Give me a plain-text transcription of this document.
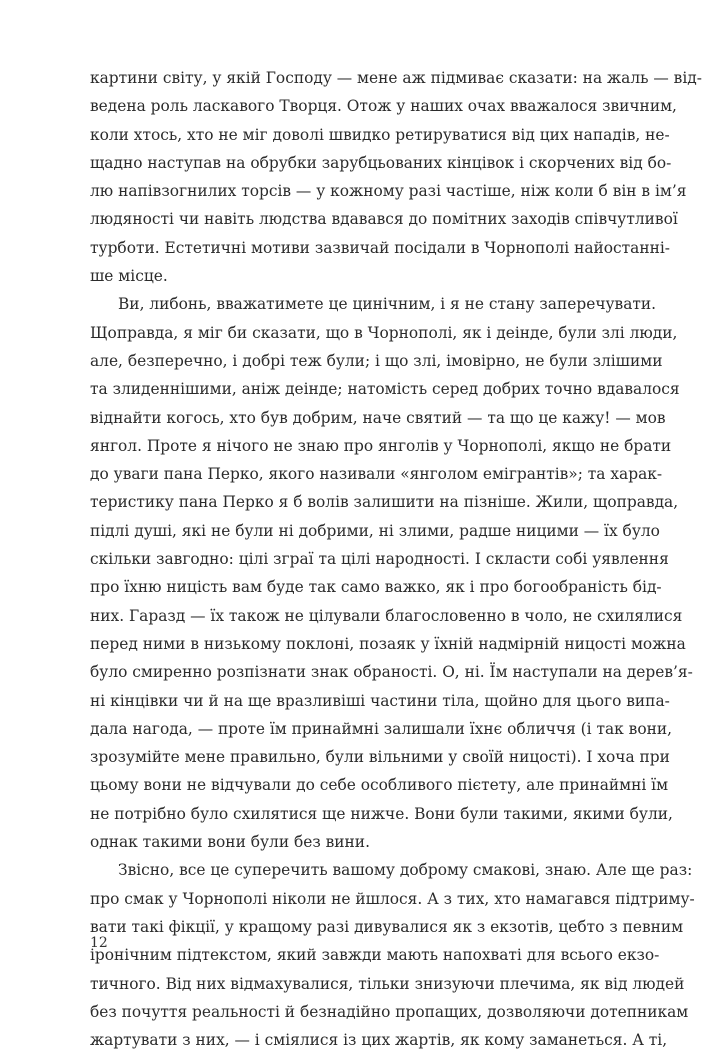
картини світу, у якій Господу — мене аж підмиває сказати: на жаль — від-
ведена роль ласкавого Творця. Отож у наших очах вважалося звичним,
коли хтось, хто не міг доволі швидко ретируватися від цих нападів, не-
щадно наступав на обрубки зарубцьованих кінцівок і скорчених від бо-
лю напівзогнилих торсів — у кожному разі частіше, ніж коли б він в ім’я
людяності чи навіть людства вдавався до помітних заходів співчутливої
турботи. Естетичні мотиви зазвичай посідали в Чорнополі найостанні-
ше місце.
Ви, либонь, вважатимете це цинічним, і я не стану заперечувати.
Щоправда, я міг би сказати, що в Чорнополі, як і деінде, були злі люди,
але, безперечно, і добрі теж були; і що злі, імовірно, не були злішими
та злиденнішими, аніж деінде; натомість серед добрих точно вдавалося
віднайти когось, хто був добрим, наче святий — та що це кажу! — мов
янгол. Проте я нічого не знаю про янголів у Чорнополі, якщо не брати
до уваги пана Перко, якого називали «янголом емігрантів»; та харак-
теристику пана Перко я б волів залишити на пізніше. Жили, щоправда,
підлі душі, які не були ні добрими, ні злими, радше ницими — їх було
скільки завгодно: цілі зграї та цілі народності. І скласти собі уявлення
про їхню ницість вам буде так само важко, як і про богообраність бід-
них. Гаразд — їх також не цілували благословенно в чоло, не схилялися
перед ними в низькому поклоні, позаяк у їхній надмірній ницості можна
було смиренно розпізнати знак обраності. О, ні. Їм наступали на дерев’я-
ні кінцівки чи й на ще вразливіші частини тіла, щойно для цього випа-
дала нагода, — проте їм принаймні залишали їхнє обличчя (і так вони,
зрозумійте мене правильно, були вільними у своїй ницості). І хоча при
цьому вони не відчували до себе особливого пієтету, але принаймні їм
не потрібно було схилятися ще нижче. Вони були такими, якими були,
однак такими вони були без вини.
Звісно, все це суперечить вашому доброму смакові, знаю. Але ще раз:
про смак у Чорнополі ніколи не йшлося. А з тих, хто намагався підтриму-
вати такі фікції, у кращому разі дивувалися як з екзотів, цебто з певним
іронічним підтекстом, який завжди мають напохваті для всього екзо-
тичного. Від них відмахувалися, тільки знизуючи плечима, як від людей
без почуття реальності й безнадійно пропащих, дозволяючи дотепникам
жартувати з них, — і сміялися із цих жартів, як кому заманеться. А ті,
12
